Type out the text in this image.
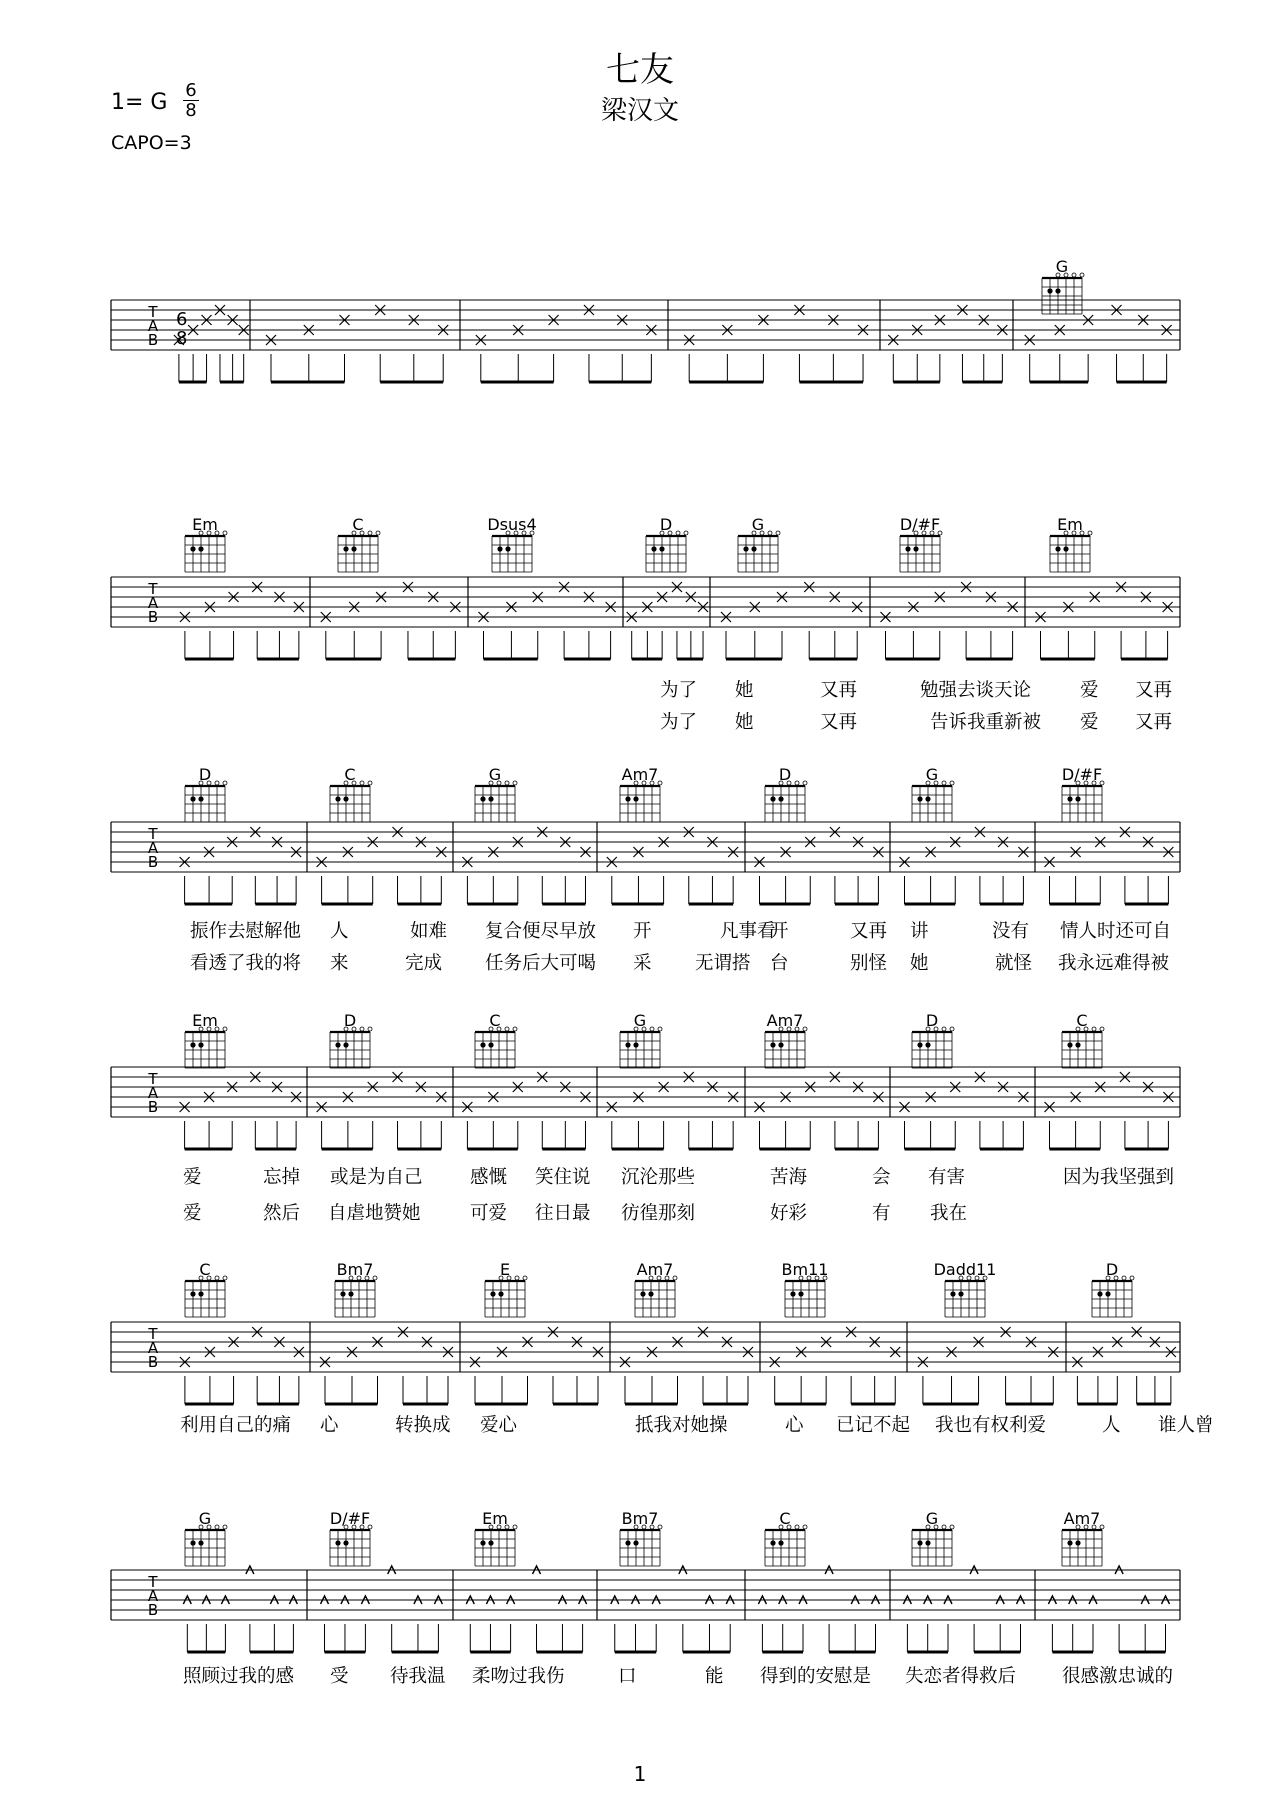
七友
梁汉文
1= G 6
8
CAPO=3
T
A
B
6
8
G
T
A
B
Em	C	Dsus4	D	G	D/#F	Em
为了 她	又再	勉强去谈天论	爱 又再
为了 她	又再	告诉我重新被 爱 又再
T
A
B
D	C	G	Am7	D	G	D/#F
振作去慰解他 人	如难 复合便尽早放 开	凡事看
开	又再 讲	没有 情人时还可自
看透了我的将 来	完成 任务后大可喝 采 无谓搭 台	别怪 她	就怪 我永远难得被
T
A
B
Em	D	C	G	Am7	D	C
爱	忘掉 或是为自己	感慨 笑住说 沉沦那些	苦海	会 有害	因为我坚强到
爱	然后 自虐地赞她	可爱 往日最 彷徨那刻	好彩	有 我在
T
A
B
C	Bm7	E	Am7	Bm11	Dadd11	D
利用自己的痛 心	转换成 爱心	抵我对她操	心 已记不起 我也有权利爱	人 谁人曾
T
A
B
G	D/#F	Em	Bm7	C	G	Am7
照顾过我的感 受 待我温 柔吻过我伤	口	能 得到的安慰是 失恋者得救后 很感激忠诚的
1
